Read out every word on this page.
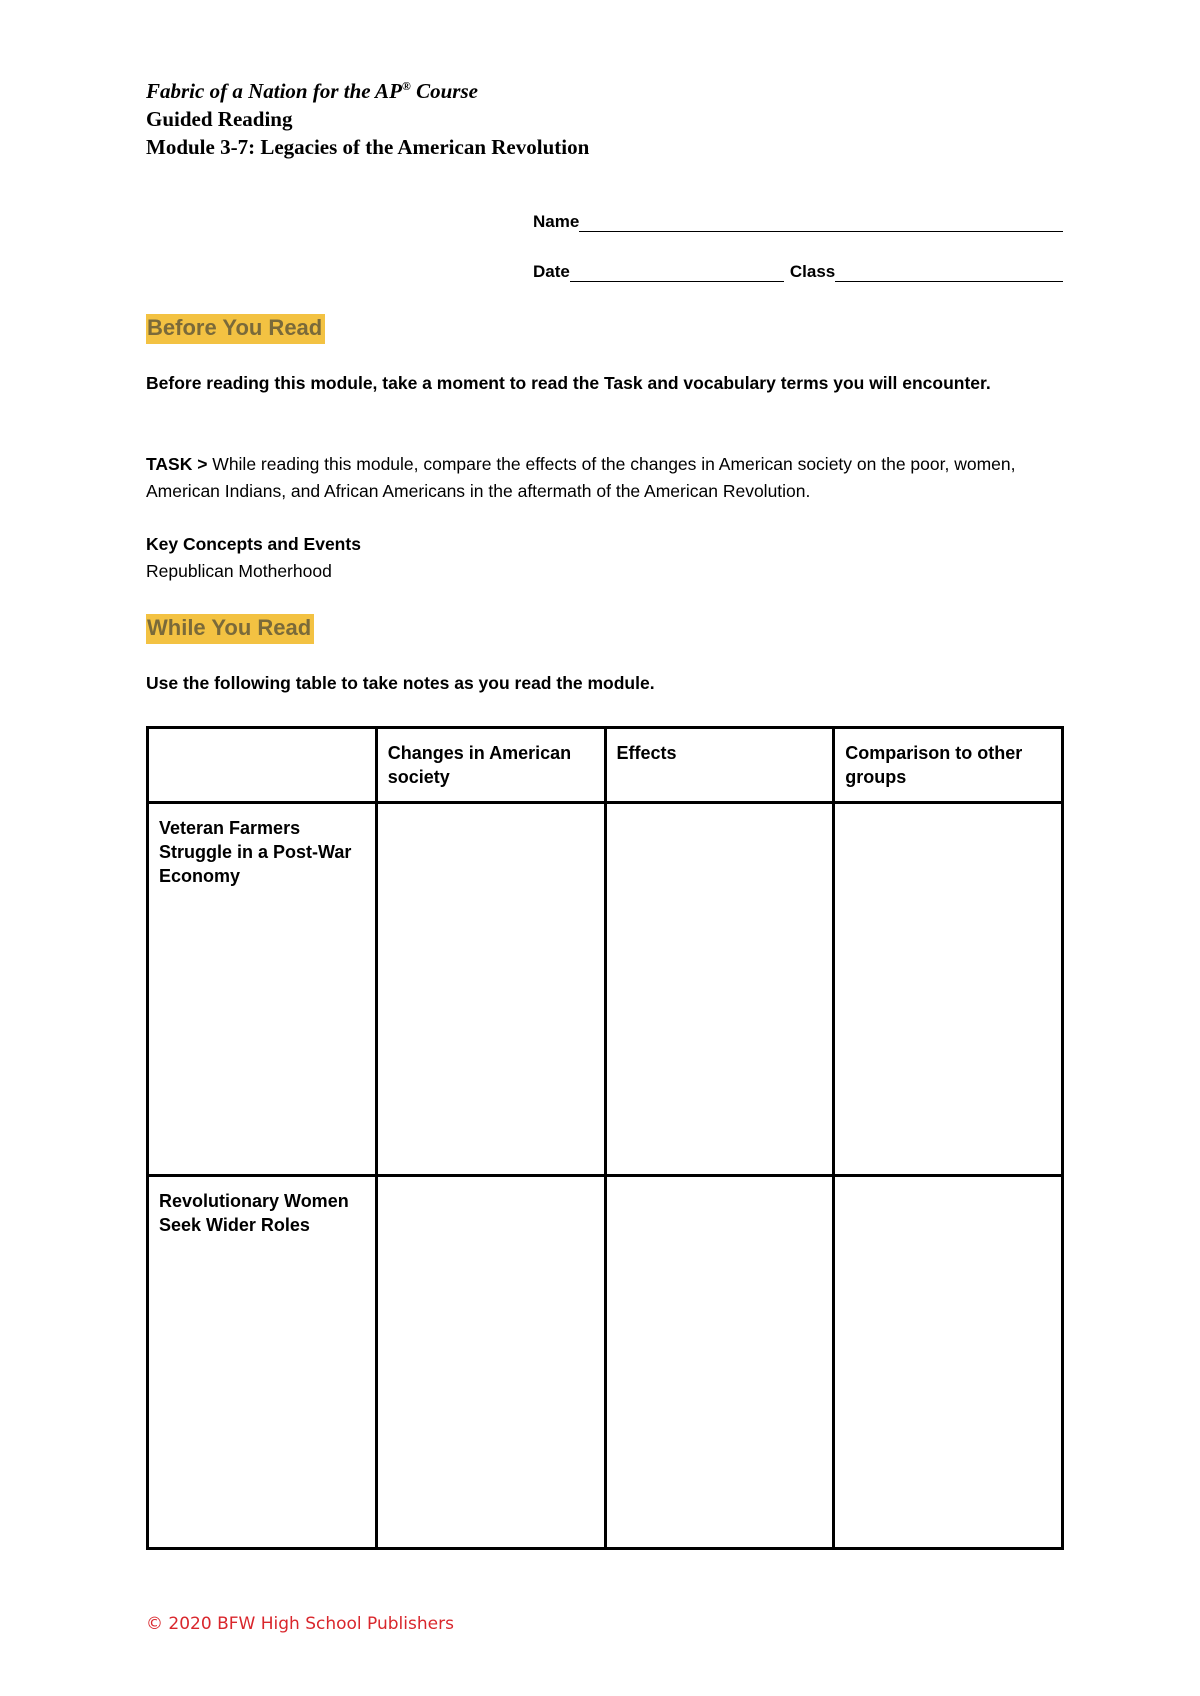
Fabric of a Nation for the AP® Course
Guided Reading
Module 3-7: Legacies of the American Revolution
Name
Date	Class
Before You Read
Before reading this module, take a moment to read the Task and vocabulary terms you will encounter.
TASK > While reading this module, compare the effects of the changes in American society on the poor, women, American Indians, and African Americans in the aftermath of the American Revolution.
Key Concepts and Events
Republican Motherhood
While You Read
Use the following table to take notes as you read the module.
	Changes in American society	Effects	Comparison to other groups
Veteran Farmers Struggle in a Post-War Economy			
Revolutionary Women Seek Wider Roles			
© 2020 BFW High School Publishers
